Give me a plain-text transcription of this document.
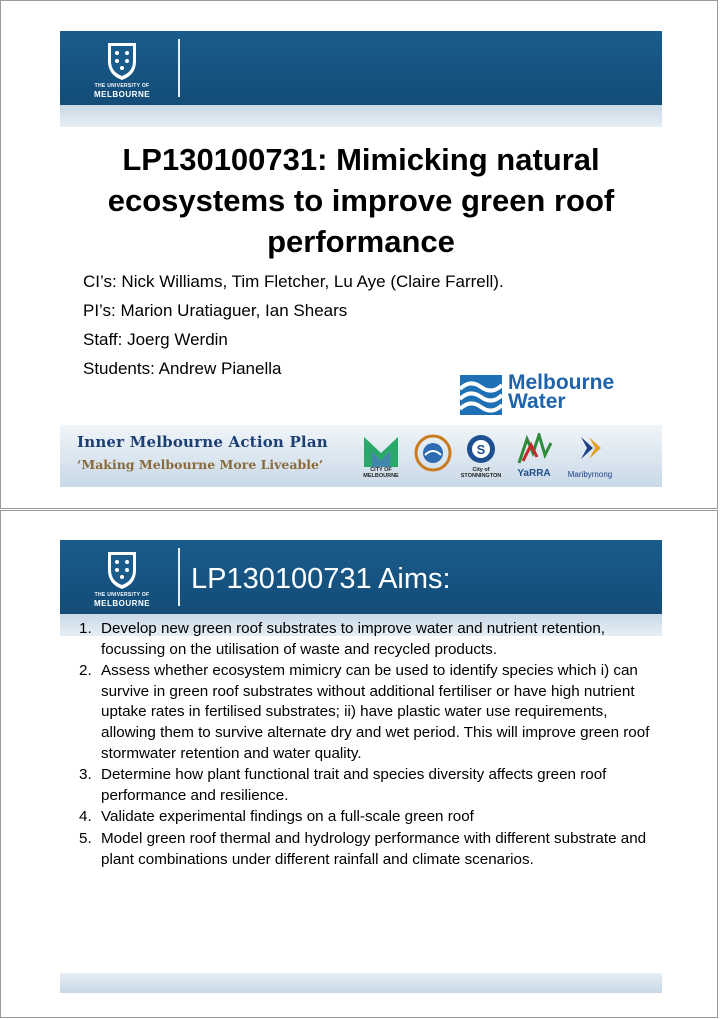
THE UNIVERSITY OF
MELBOURNE
LP130100731: Mimicking natural ecosystems to improve green roof performance
CI’s: Nick Williams, Tim Fletcher, Lu Aye (Claire Farrell).
PI’s: Marion Uratiaguer, Ian Shears
Staff: Joerg Werdin
Students: Andrew Pianella
Melbourne
Water
Inner Melbourne Action Plan
‘Making Melbourne More Liveable’	CITY OF MELBOURNE
S
City of STONNINGTON	YaRRA	Maribyrnong
THE UNIVERSITY OF
MELBOURNE
LP130100731 Aims:
1. Develop new green roof substrates to improve water and nutrient retention, focussing on the utilisation of waste and recycled products.
2. Assess whether ecosystem mimicry can be used to identify species which i) can survive in green roof substrates without additional fertiliser or have high nutrient uptake rates in fertilised substrates; ii) have plastic water use requirements, allowing them to survive alternate dry and wet period. This will improve green roof stormwater retention and water quality.
3. Determine how plant functional trait and species diversity affects green roof performance and resilience.
4. Validate experimental findings on a full-scale green roof
5. Model green roof thermal and hydrology performance with different substrate and plant combinations under different rainfall and climate scenarios.
